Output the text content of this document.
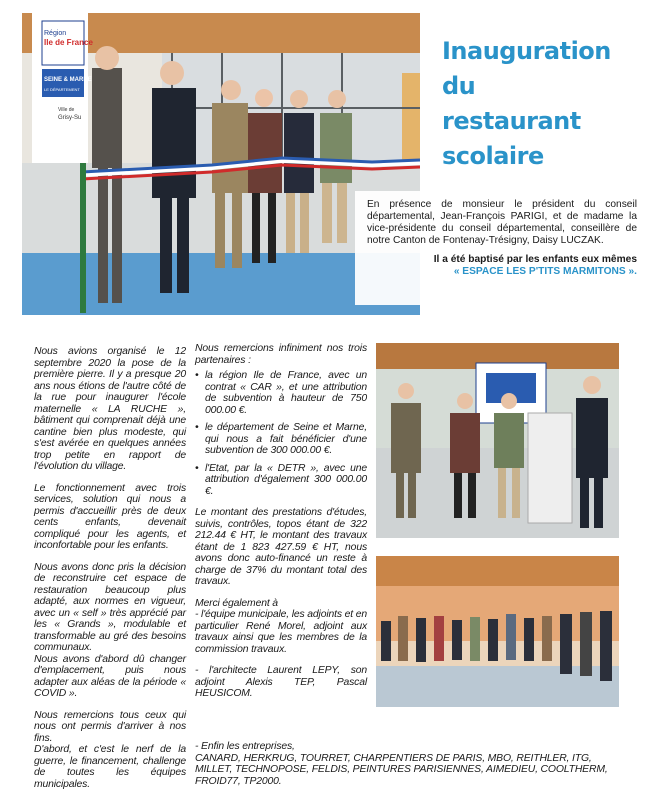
Région
Ile de France
SEINE & MARNE
LE DÉPARTEMENT
Ville de
Grisy-Su
Inauguration
du
restaurant
scolaire
En présence de monsieur le président du conseil départemental, Jean-François PARIGI, et de madame la vice-présidente du conseil départemental, conseillère de notre Canton de Fontenay-Trésigny, Daisy LUCZAK.
Il a été baptisé par les enfants eux mêmes
« ESPACE LES P'TITS MARMITONS ».

Nous avions organisé le 12 septembre 2020 la pose de la première pierre. Il y a presque 20 ans nous étions de l'autre côté de la rue pour inaugurer l'école maternelle « LA RUCHE », bâtiment qui comprenait déjà une cantine bien plus modeste, qui s'est avérée en quelques années trop petite en rapport de l'évolution du village.

Le fonctionnement avec trois services, solution qui nous a permis d'accueillir près de deux cents enfants, devenait compliqué pour les agents, et inconfortable pour les enfants.

Nous avons donc pris la décision de reconstruire cet espace de restauration beaucoup plus adapté, aux normes en vigueur, avec un « self » très apprécié par les « Grands », modulable et transformable au gré des besoins communaux.

Nous avons d'abord dû changer d'emplacement, puis nous adapter aux aléas de la période « COVID ».

Nous remercions tous ceux qui nous ont permis d'arriver à nos fins.

D'abord, et c'est le nerf de la guerre, le financement, challenge de toutes les équipes municipales.

Nous remercions infiniment nos trois partenaires :

• la région Ile de France, avec un contrat « CAR », et une attribution de subvention à hauteur de 750 000.00 €.
• le département de Seine et Marne, qui nous a fait bénéficier d'une subvention de 300 000.00 €.
• l'Etat, par la « DETR », avec une attribution d'également 300 000.00 €.

Le montant des prestations d'études, suivis, contrôles, topos étant de 322 212.44 € HT, le montant des travaux étant de 1 823 427.59 € HT, nous avons donc auto-financé un reste à charge de 37% du montant total des travaux.

Merci également à

- l'équipe municipale, les adjoints et en particulier René Morel, adjoint aux travaux ainsi que les membres de la commission travaux.

- l'architecte Laurent LEPY, son adjoint Alexis TEP, Pascal HEUSICOM.

- Enfin les entreprises,
CANARD, HERKRUG, TOURRET, CHARPENTIERS DE PARIS, MBO, REITHLER, ITG, MILLET, TECHNOPOSE, FELDIS, PEINTURES PARISIENNES, AIMEDIEU, COOLTHERM, FROID77, TP2000.
